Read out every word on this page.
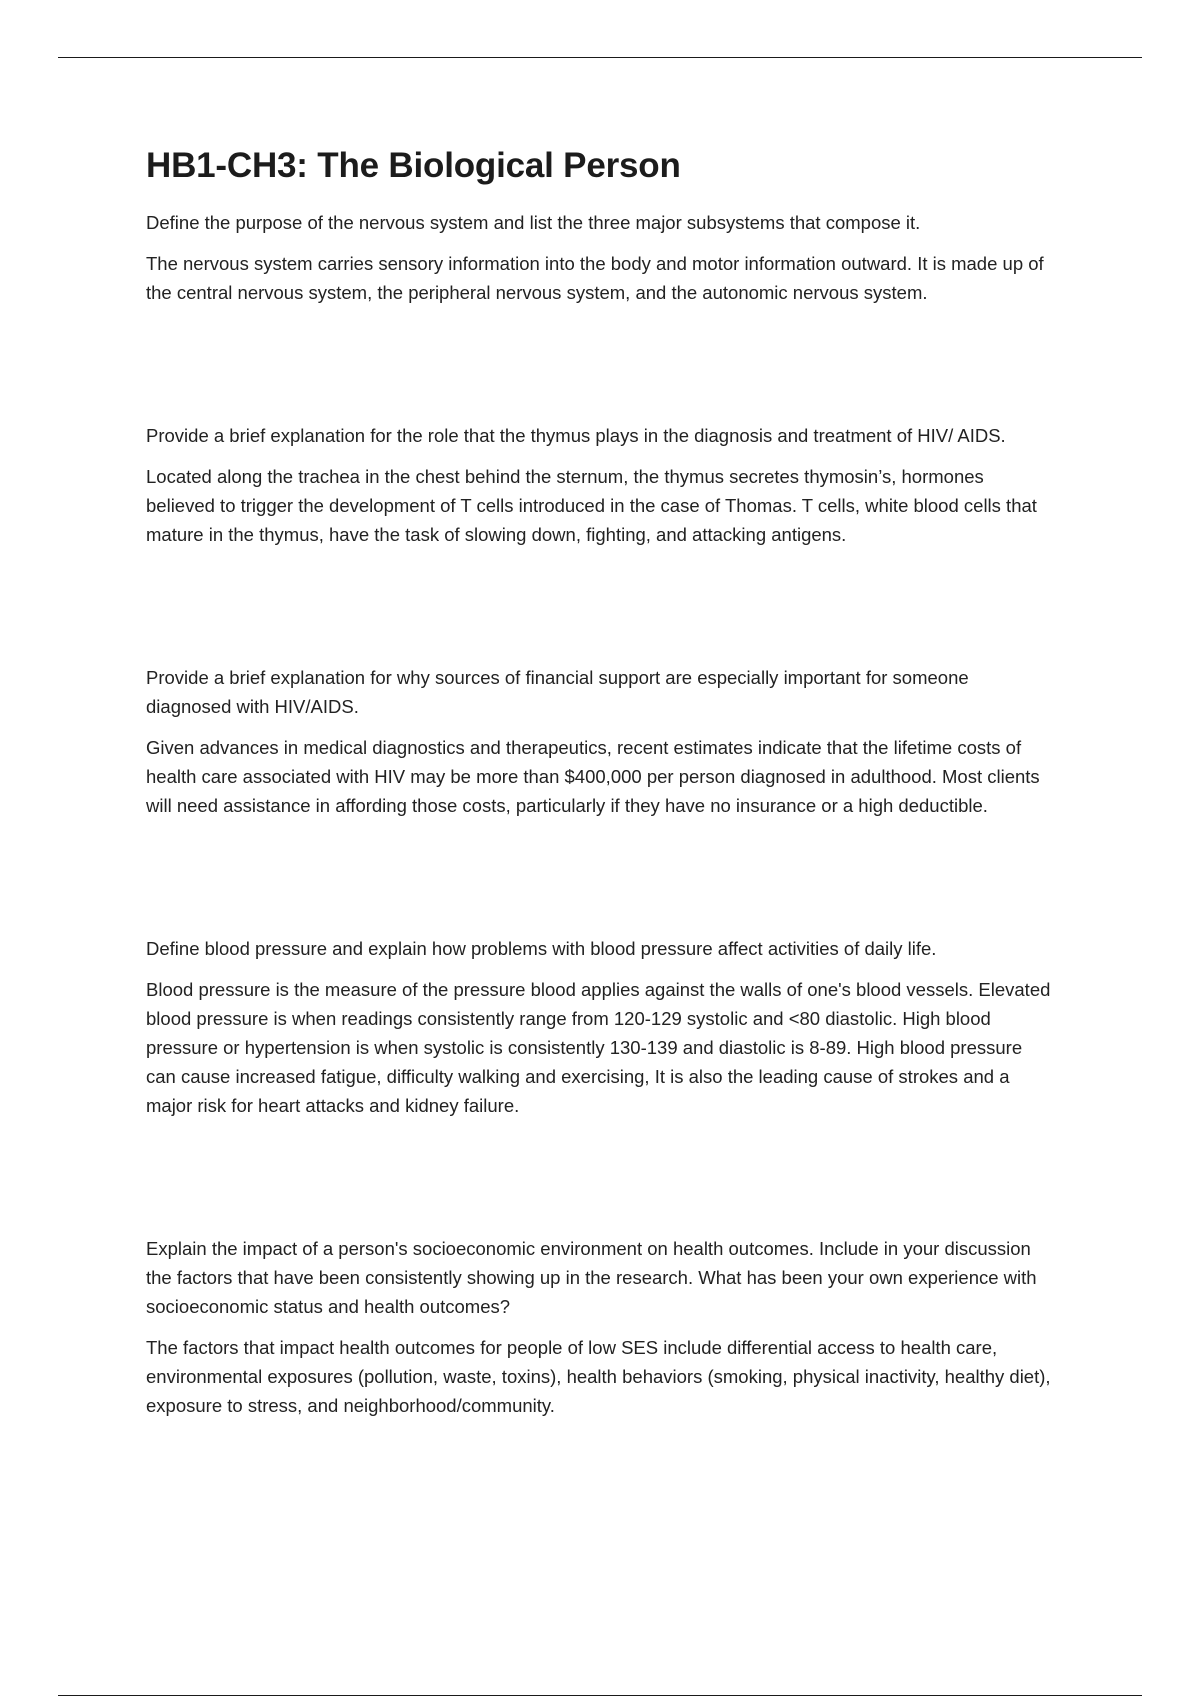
HB1-CH3: The Biological Person

Define the purpose of the nervous system and list the three major subsystems that compose it.

The nervous system carries sensory information into the body and motor information outward. It is made up of the central nervous system, the peripheral nervous system, and the autonomic nervous system.

Provide a brief explanation for the role that the thymus plays in the diagnosis and treatment of HIV/ AIDS.

Located along the trachea in the chest behind the sternum, the thymus secretes thymosin’s, hormones believed to trigger the development of T cells introduced in the case of Thomas. T cells, white blood cells that mature in the thymus, have the task of slowing down, fighting, and attacking antigens.

Provide a brief explanation for why sources of financial support are especially important for someone diagnosed with HIV/AIDS.

Given advances in medical diagnostics and therapeutics, recent estimates indicate that the lifetime costs of health care associated with HIV may be more than $400,000 per person diagnosed in adulthood. Most clients will need assistance in affording those costs, particularly if they have no insurance or a high deductible.

Define blood pressure and explain how problems with blood pressure affect activities of daily life.

Blood pressure is the measure of the pressure blood applies against the walls of one's blood vessels. Elevated blood pressure is when readings consistently range from 120-129 systolic and <80 diastolic. High blood pressure or hypertension is when systolic is consistently 130-139 and diastolic is 8-89. High blood pressure can cause increased fatigue, difficulty walking and exercising, It is also the leading cause of strokes and a major risk for heart attacks and kidney failure.

Explain the impact of a person's socioeconomic environment on health outcomes. Include in your discussion the factors that have been consistently showing up in the research. What has been your own experience with socioeconomic status and health outcomes?

The factors that impact health outcomes for people of low SES include differential access to health care, environmental exposures (pollution, waste, toxins), health behaviors (smoking, physical inactivity, healthy diet), exposure to stress, and neighborhood/community.
